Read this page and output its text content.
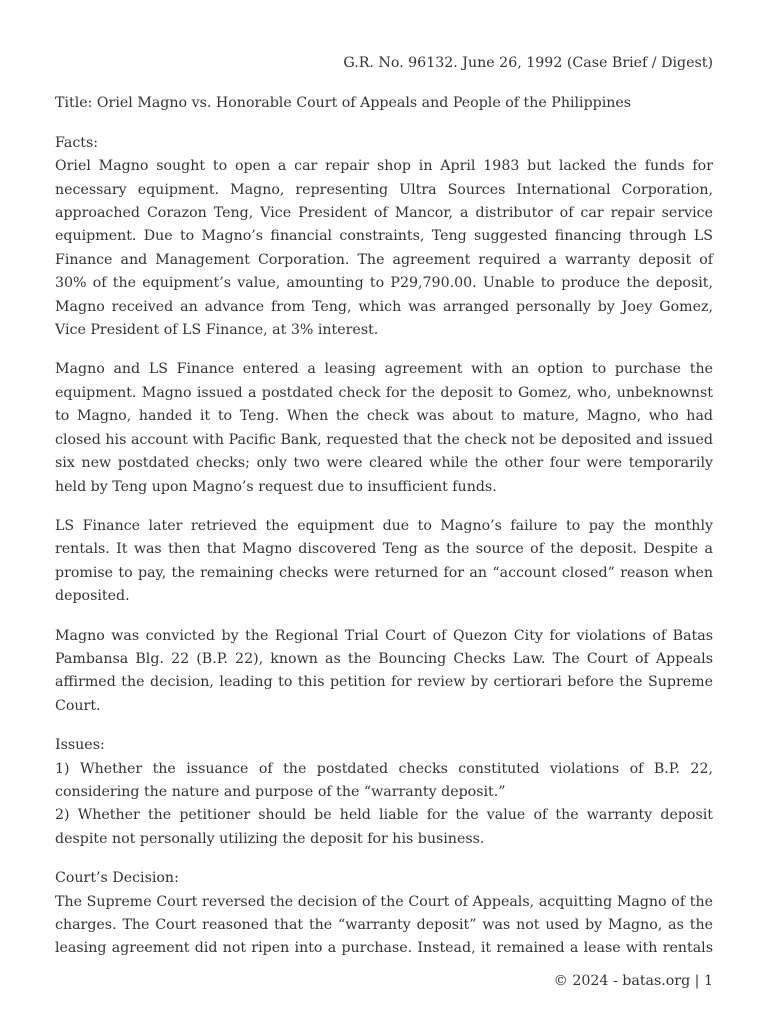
G.R. No. 96132. June 26, 1992 (Case Brief / Digest)
Title: Oriel Magno vs. Honorable Court of Appeals and People of the Philippines
Facts:

Oriel Magno sought to open a car repair shop in April 1983 but lacked the funds for necessary equipment. Magno, representing Ultra Sources International Corporation, approached Corazon Teng, Vice President of Mancor, a distributor of car repair service equipment. Due to Magno’s financial constraints, Teng suggested financing through LS Finance and Management Corporation. The agreement required a warranty deposit of 30% of the equipment’s value, amounting to P29,790.00. Unable to produce the deposit, Magno received an advance from Teng, which was arranged personally by Joey Gomez, Vice President of LS Finance, at 3% interest.

Magno and LS Finance entered a leasing agreement with an option to purchase the equipment. Magno issued a postdated check for the deposit to Gomez, who, unbeknownst to Magno, handed it to Teng. When the check was about to mature, Magno, who had closed his account with Pacific Bank, requested that the check not be deposited and issued six new postdated checks; only two were cleared while the other four were temporarily held by Teng upon Magno’s request due to insufficient funds.

LS Finance later retrieved the equipment due to Magno’s failure to pay the monthly rentals. It was then that Magno discovered Teng as the source of the deposit. Despite a promise to pay, the remaining checks were returned for an “account closed” reason when deposited.

Magno was convicted by the Regional Trial Court of Quezon City for violations of Batas Pambansa Blg. 22 (B.P. 22), known as the Bouncing Checks Law. The Court of Appeals affirmed the decision, leading to this petition for review by certiorari before the Supreme Court.

Issues:

1) Whether the issuance of the postdated checks constituted violations of B.P. 22, considering the nature and purpose of the “warranty deposit.”

2) Whether the petitioner should be held liable for the value of the warranty deposit despite not personally utilizing the deposit for his business.

Court’s Decision:

The Supreme Court reversed the decision of the Court of Appeals, acquitting Magno of the charges. The Court reasoned that the “warranty deposit” was not used by Magno, as the leasing agreement did not ripen into a purchase. Instead, it remained a lease with rentals

© 2024 - batas.org | 1
